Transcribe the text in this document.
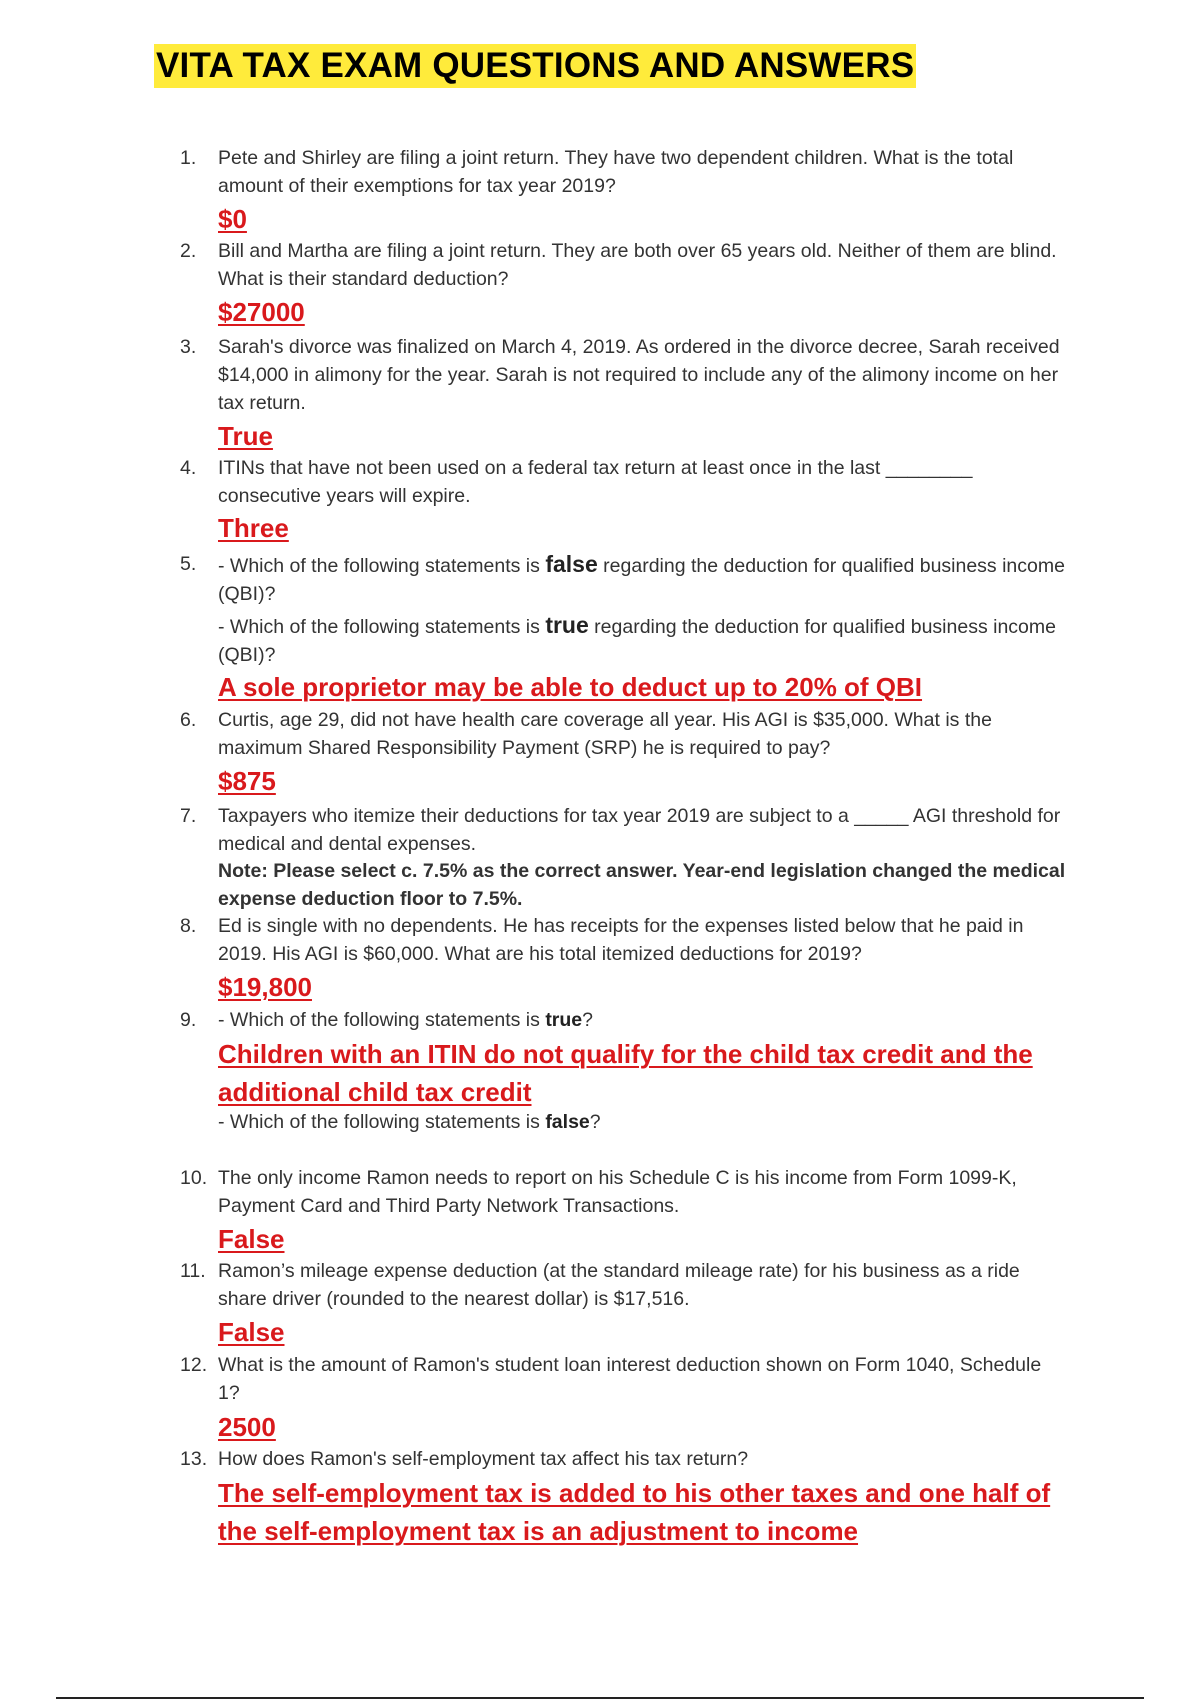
VITA TAX EXAM QUESTIONS AND ANSWERS
1.	Pete and Shirley are filing a joint return. They have two dependent children. What is the total amount of their exemptions for tax year 2019?
$0
2.	Bill and Martha are filing a joint return. They are both over 65 years old. Neither of them are blind. What is their standard deduction?
$27000
3.	Sarah's divorce was finalized on March 4, 2019. As ordered in the divorce decree, Sarah received $14,000 in alimony for the year. Sarah is not required to include any of the alimony income on her tax return.
True
4.	ITINs that have not been used on a federal tax return at least once in the last ________ consecutive years will expire.
Three
5.	- Which of the following statements is false regarding the deduction for qualified business income (QBI)?
- Which of the following statements is true regarding the deduction for qualified business income (QBI)?
A sole proprietor may be able to deduct up to 20% of QBI
6.	Curtis, age 29, did not have health care coverage all year. His AGI is $35,000. What is the maximum Shared Responsibility Payment (SRP) he is required to pay?
$875
7.	Taxpayers who itemize their deductions for tax year 2019 are subject to a _____ AGI threshold for medical and dental expenses.
Note: Please select c. 7.5% as the correct answer. Year-end legislation changed the medical expense deduction floor to 7.5%.
8.	Ed is single with no dependents. He has receipts for the expenses listed below that he paid in 2019. His AGI is $60,000. What are his total itemized deductions for 2019?
$19,800
9.	- Which of the following statements is true?
Children with an ITIN do not qualify for the child tax credit and the additional child tax credit
- Which of the following statements is false?
10. The only income Ramon needs to report on his Schedule C is his income from Form 1099-K, Payment Card and Third Party Network Transactions.
False
11. Ramon’s mileage expense deduction (at the standard mileage rate) for his business as a ride share driver (rounded to the nearest dollar) is $17,516.
False
12. What is the amount of Ramon's student loan interest deduction shown on Form 1040, Schedule 1?
2500
13. How does Ramon's self-employment tax affect his tax return?
The self-employment tax is added to his other taxes and one half of the self-employment tax is an adjustment to income
